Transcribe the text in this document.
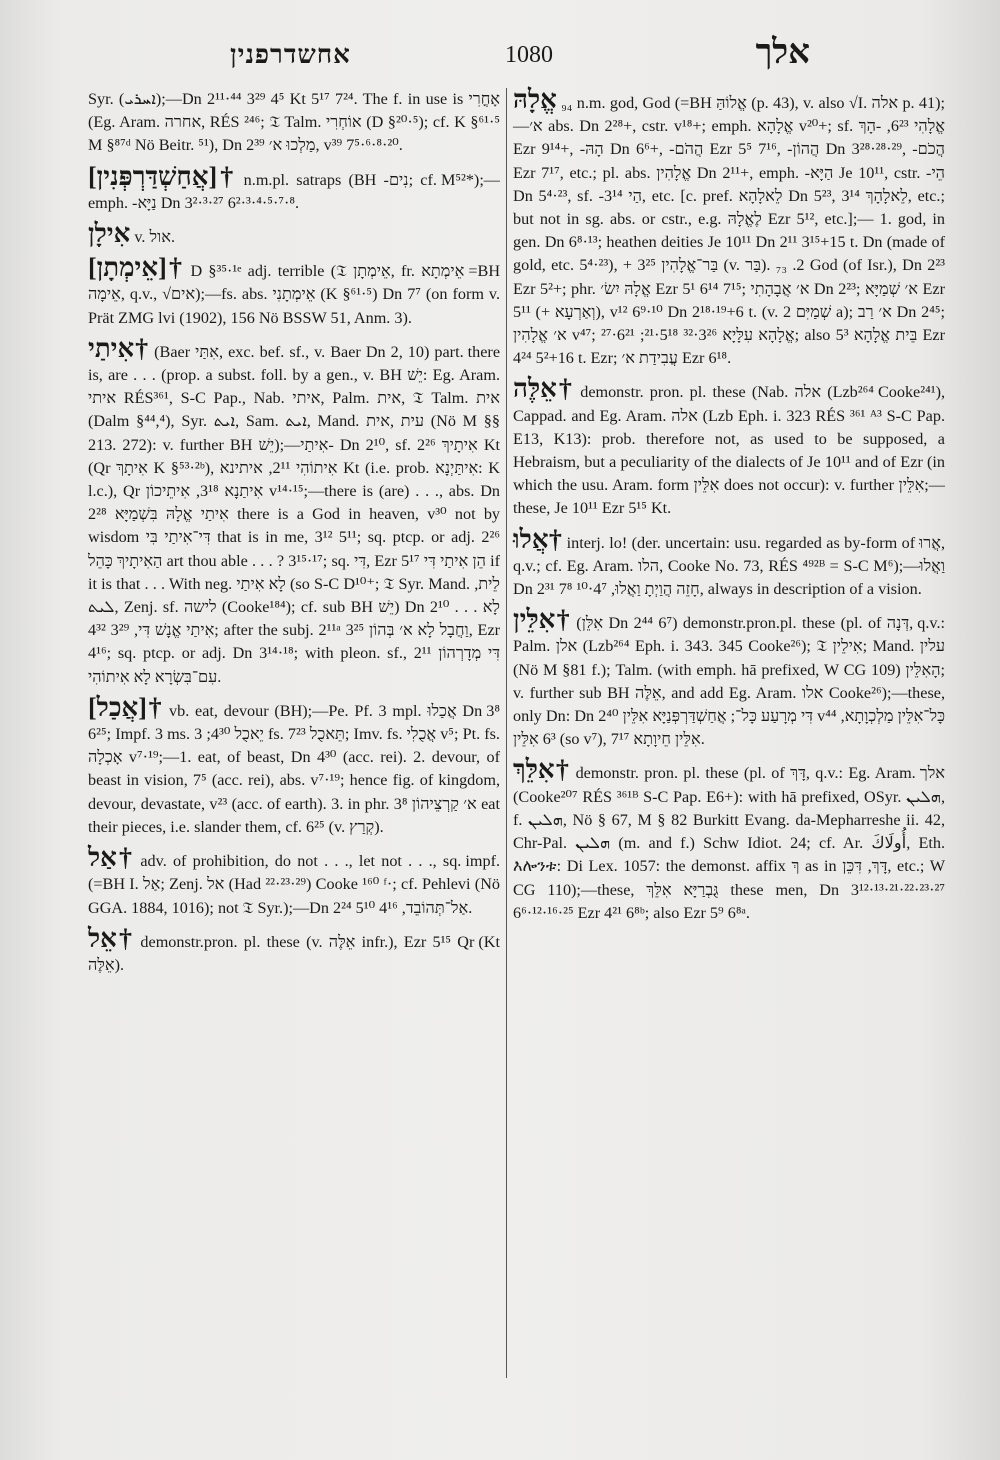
אחשדרפנין	1080	אלך

Syr. (ܐܚܪܝ);—Dn 2¹¹·⁴⁴ 3²⁹ 4⁵ Kt 5¹⁷ 7²⁴. The f. in use is אָחֳרִי (Eg. Aram. אחרה, RÉS ²⁴⁶; 𝔗 Talm. אוֹחְרִי (D §²⁰·⁵); cf. K §⁶¹·⁵ M §⁸⁷ᵈ Nö Beitr. ⁵¹), Dn 2³⁹ מַלְכוּ א׳, v³⁹ 7⁵·⁶·⁸·²⁰.

†[אֲחַשְׁדַּרְפְּנִין] n.m.pl. satraps (BH -נִים; cf. M⁵²*);—emph. -נַיָּא Dn 3²·³·²⁷ 6²·³·⁴·⁵·⁷·⁸.

אִילָן v. אול.

†[אֵימְתָן] D §³⁵·¹ᵉ adj. terrible (𝔗 אֵימְתָן, fr. אֵימְתָא =BH אֵימָה, q.v., √אים);—fs. abs. אֵימְתָנִי (K §⁶¹·⁵) Dn 7⁷ (on form v. Prät ZMG lvi (1902), 156 Nö BSSW 51, Anm. 3).

†אִיתַי (Baer אִתַּי, exc. bef. sf., v. Baer Dn 2, 10) part. there is, are . . . (prop. a subst. foll. by a gen., v. BH יֵשׁ: Eg. Aram. איתי RÉS³⁶¹, S-C Pap., Nab. איתי, Palm. אית, 𝔗 Talm. אית (Dalm §⁴⁴,⁴), Syr. ܐܝܬ, Sam. ܐܝܬ, Mand. עית ,אית (Nö M §§ 213. 272): v. further BH יֵשׁ);—אִיתַי- Dn 2¹⁰, sf. אִיתָיךְ 2²⁶ Kt (Qr אִיתָךְ K §⁵³·²ᵇ), אִיתוֹהִי 2¹¹, איתינא Kt (i.e. prob. אִיתַּיְנָא: K l.c.), Qr אִיתַנָא 3¹⁸, אִיתֵיכוֹן v¹⁴·¹⁵;—there is (are) . . ., abs. Dn 2²⁸ אִיתַי אֱלָהּ בִּשְׁמַיָּא there is a God in heaven, v³⁰ not by wisdom דִּי־אִיתַי בִּי that is in me, 3¹² 5¹¹; sq. ptcp. or adj. 2²⁶ הַאִיתָיךְ כָּהֵל art thou able . . . ? 3¹⁵·¹⁷; sq. דִּי, Ezr 5¹⁷ הֵן אִיתַי דִּי if it is that . . . With neg. לָא אִיתַי (so S-C D¹⁰⁺; 𝔗 Syr. Mand. לֵית, ܠܝܬ, Zenj. sf. לישה (Cooke¹⁸⁴); cf. sub BH יֵשׁ) Dn 2¹⁰ . . . לָא אִיתַי אֱנָשׁ דִּי, 3²⁹ 4³²; after the subj. 2¹¹ᵃ 3²⁵ וַחֲבָל לָא א׳ בְּהוֹן, Ezr 4¹⁶; sq. ptcp. or adj. Dn 3¹⁴·¹⁸; with pleon. sf., 2¹¹ דִּי מְדָרְהוֹן עִם־בִּשְׂרָא לָא אִיתוֹהִי.

†[אֲכַל] vb. eat, devour (BH);—Pe. Pf. 3 mpl. אֲכַלוּ Dn 3⁸ 6²⁵; Impf. 3 ms. יֵאכֻל 4³⁰; 3 fs. תֵּאכֻל 7²³; Imv. fs. אֲכֻלִי v⁵; Pt. fs. אָכְלָה v⁷·¹⁹;—1. eat, of beast, Dn 4³⁰ (acc. rei). 2. devour, of beast in vision, 7⁵ (acc. rei), abs. v⁷·¹⁹; hence fig. of kingdom, devour, devastate, v²³ (acc. of earth). 3. in phr. א׳ קַרְצֵיהוֹן 3⁸ eat their pieces, i.e. slander them, cf. 6²⁵ (v. קְרַץ).

†אַל adv. of prohibition, do not . . ., let not . . ., sq. impf. (=BH I. אַל; Zenj. אל (Had ²²·²³·²⁹) Cooke ¹⁶⁰ ᶠ·; cf. Pehlevi (Nö GGA. 1884, 1016); not 𝔗 Syr.);—Dn 2²⁴ אַל־תְּהוֹבֵד, 4¹⁶ 5¹⁰.

†אֵל demonstr.pron. pl. these (v. אֵלֶּה infr.), Ezr 5¹⁵ Qr (Kt אֵלֶּה).

אֱלָהּ ₉₄ n.m. god, God (=BH אֱלוֹהַּ (p. 43), v. also √I. אלה p. 41);—א׳ abs. Dn 2²⁸+, cstr. v¹⁸+; emph. אֱלָהָא v²⁰+; sf. אֱלָהִי 6²³, -הָךְ Ezr 9¹⁴+, -הָהּ Dn 6⁶+, -הֲהֹם Ezr 5⁵ 7¹⁶, -הֲהוֹן Dn 3²⁸·²⁸·²⁹, -הֲכֹם Ezr 7¹⁷, etc.; pl. abs. אֱלָהִין Dn 2¹¹+, emph. -הַיָּא Je 10¹¹, cstr. -הֵי Dn 5⁴·²³, sf. -הַי 3¹⁴, etc. [c. pref. לֵאלָהָא Dn 5²³, לֵאלָהָךְ 3¹⁴, etc.; but not in sg. abs. or cstr., e.g. לֶאֱלָהּ Ezr 5¹², etc.];— 1. god, in gen. Dn 6⁸·¹³; heathen deities Je 10¹¹ Dn 2¹¹ 3¹⁵+15 t. Dn (made of gold, etc. 5⁴·²³), + בַּר־אֱלָהִין 3²⁵ (v. בַּר). 2. ₇₃ God (of Isr.), Dn 2²³ Ezr 5²+; phr. אֱלָהּ יִשׂ׳ Ezr 5¹ 6¹⁴ 7¹⁵; א׳ אֲבָהָתִי Dn 2²³; א׳ שְׁמַיָּא Ezr 5¹¹ (+ וְאַרְעָא), v¹² 6⁹·¹⁰ Dn 2¹⁸·¹⁹+6 t. (v. שְׁמַיִּם 2 a); א׳ רַב Dn 2⁴⁵; א׳ אֱלָהִין v⁴⁷; אֱלָהָא עִלָּיָא 3²⁶·³² 5¹⁸·²¹; 6²¹·²⁷; also בֵּית אֱלָהָא 5³ Ezr 4²⁴ 5²+16 t. Ezr; עֲבִידַת א׳ Ezr 6¹⁸.

†אֵלֶּה demonstr. pron. pl. these (Nab. אלה (Lzb²⁶⁴ Cooke²⁴¹), Cappad. and Eg. Aram. אלה (Lzb Eph. i. 323 RÉS ³⁶¹ ᴬ³ S-C Pap. E13, K13): prob. therefore not, as used to be supposed, a Hebraism, but a peculiarity of the dialects of Je 10¹¹ and of Ezr (in which the usu. Aram. form אִלֵּין does not occur): v. further אִלֵּין;—these, Je 10¹¹ Ezr 5¹⁵ Kt.

†אֲלוּ interj. lo! (der. uncertain: usu. regarded as by-form of אֲרוּ, q.v.; cf. Eg. Aram. הלו, Cooke No. 73, RÉS ⁴⁹²ᴮ = S-C M⁶);—וַאֲלוּ Dn 2³¹ חָזֵה הֲוַיְתָ וַאֲלוּ, 4⁷·¹⁰ 7⁸, always in description of a vision.

†אִלֵּין (אִלֵּן Dn 2⁴⁴ 6⁷) demonstr.pron.pl. these (pl. of דְּנָה, q.v.: Palm. אלן (Lzb²⁶⁴ Eph. i. 343. 345 Cooke²⁶); 𝔗 אִילֵין; Mand. עלין (Nö M §81 f.); Talm. (with emph. hā prefixed, W CG 109) הָאִלֵּין; v. further sub BH אֵלֶּה, and add Eg. Aram. אלו Cooke²⁶);—these, only Dn: Dn 2⁴⁰ דִּי מְרָעַע כָּל־; אֲחַשְׁדַּרְפְּנַיָּא אִלֵּין v⁴⁴ כָּל־אִלֵּין מַלְכְוָתָא, 6³ אִלֵּין (so v⁷), אִלֵּין חֵיוָתָא 7¹⁷.

†אִלֵּךְ demonstr. pron. pl. these (pl. of דָּךְ, q.v.: Eg. Aram. אלך (Cooke²⁰⁷ RÉS ³⁶¹ᴮ S-C Pap. E6+): with hā prefixed, OSyr. ܗܠܝܢ, f. ܗܠܝܢ, Nö § 67, M § 82 Burkitt Evang. da-Mepharreshe ii. 42, Chr-Pal. ܗܠܝܢ (m. and f.) Schw Idiot. 24; cf. Ar. أُولَاكَ, Eth. እሎንቱ: Di Lex. 1057: the demonst. affix ךְ as in דָּךְ, דִּכֵּן, etc.; W CG 110);—these, גֻּבְרַיָּא אִלֵּךְ these men, Dn 3¹²·¹³·²¹·²²·²³·²⁷ 6⁶·¹²·¹⁶·²⁵ Ezr 4²¹ 6⁸ᵇ; also Ezr 5⁹ 6⁸ᵃ.
